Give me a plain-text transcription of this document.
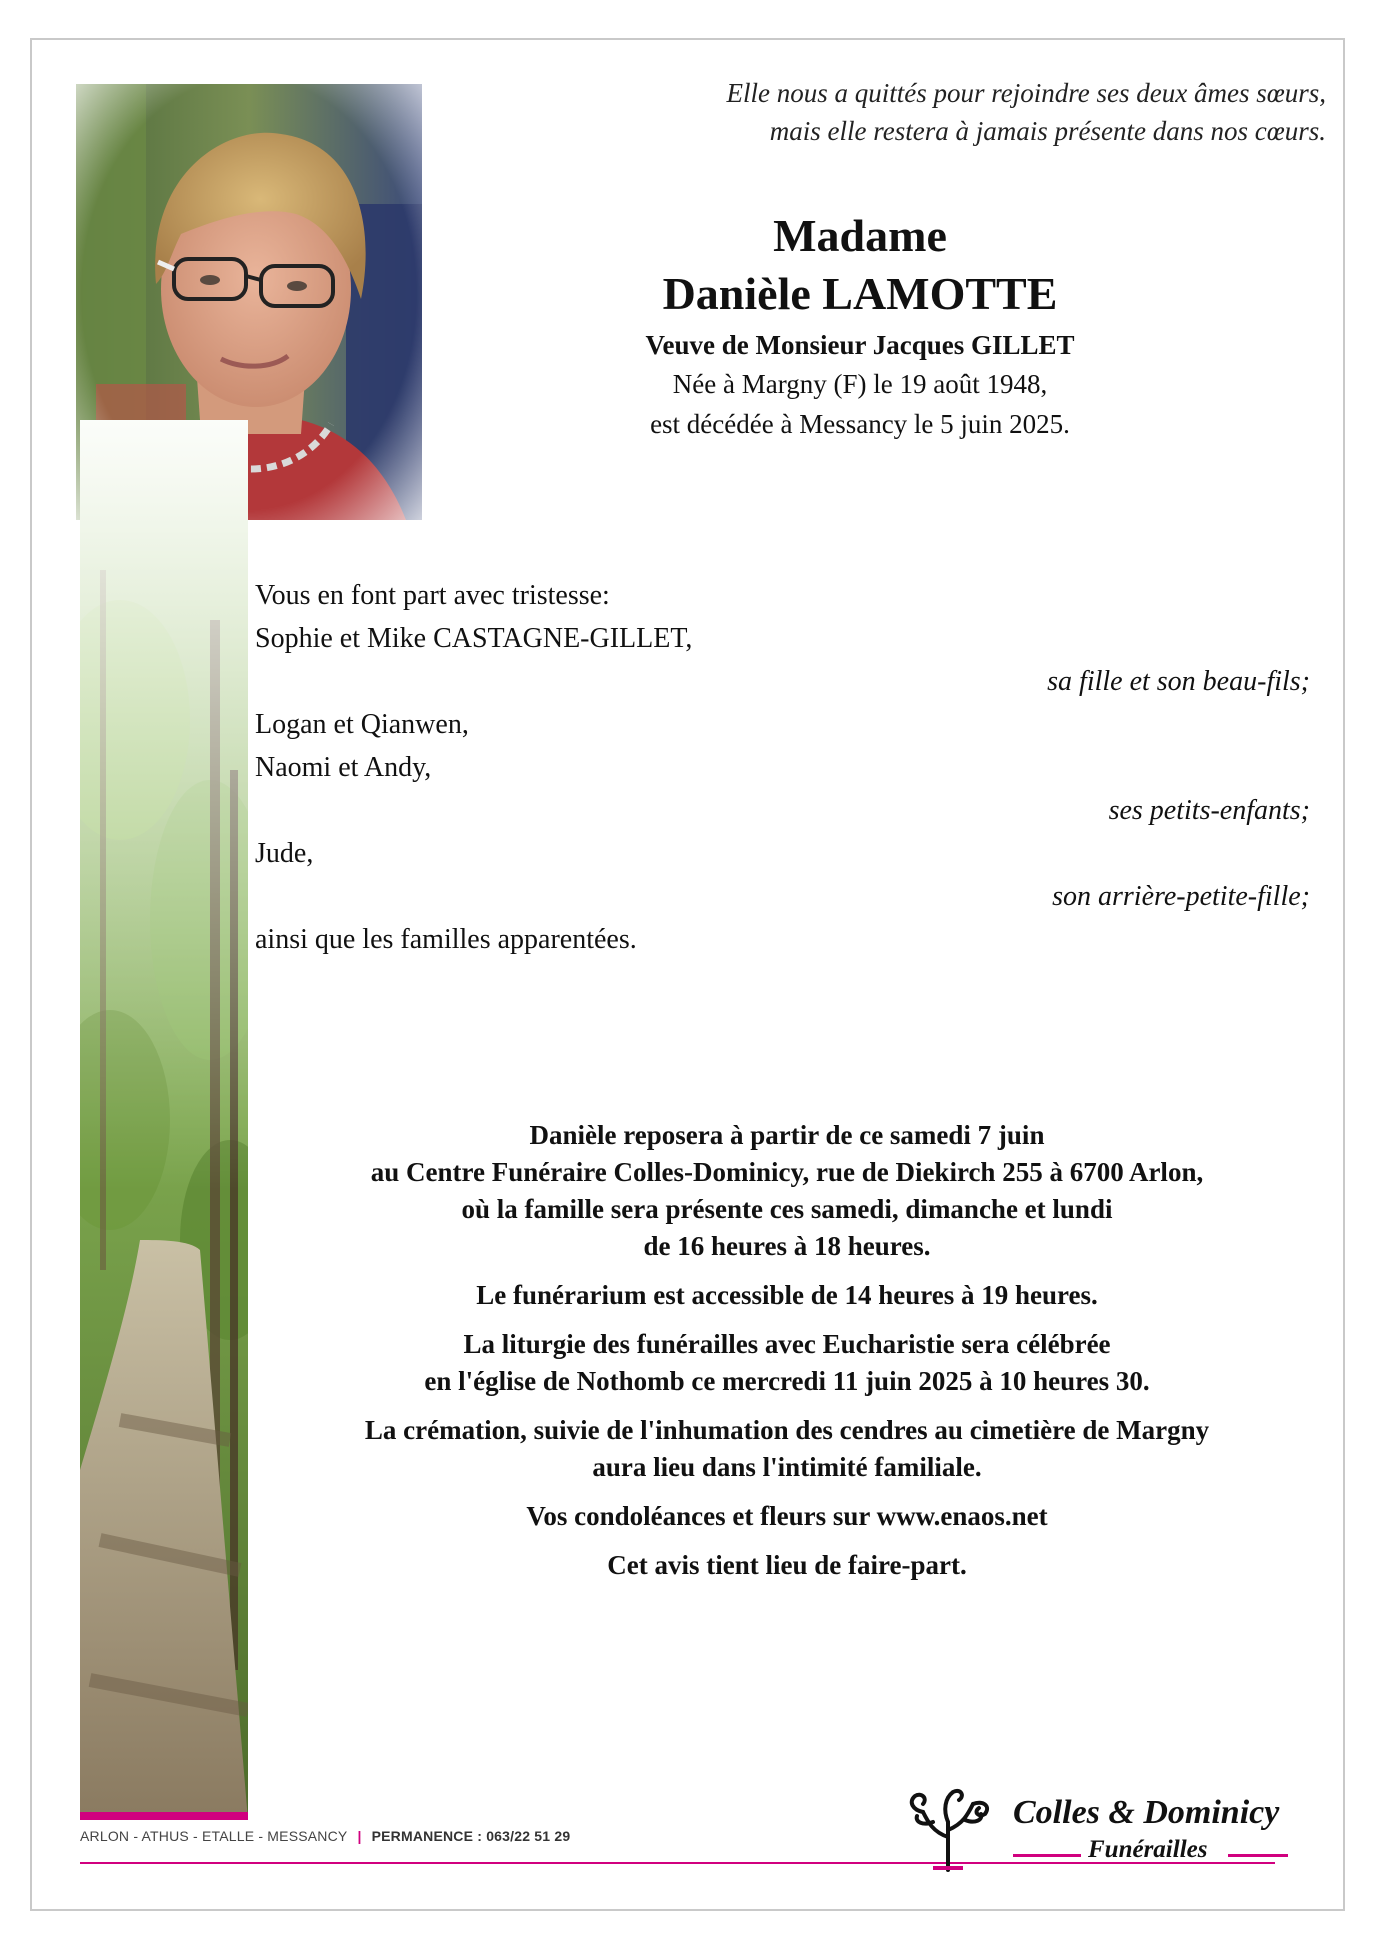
Elle nous a quittés pour rejoindre ses deux âmes sœurs,
mais elle restera à jamais présente dans nos cœurs.
Madame
Danièle LAMOTTE
Veuve de Monsieur Jacques GILLET
Née à Margny (F) le 19 août 1948,
est décédée à Messancy le 5 juin 2025.
Vous en font part avec tristesse:
Sophie et Mike CASTAGNE-GILLET,
sa fille et son beau-fils;
Logan et Qianwen,
Naomi et Andy,
ses petits-enfants;
Jude,
son arrière-petite-fille;
ainsi que les familles apparentées.
Danièle reposera à partir de ce samedi 7 juin
au Centre Funéraire Colles-Dominicy, rue de Diekirch 255 à 6700 Arlon,
où la famille sera présente ces samedi, dimanche et lundi
de 16 heures à 18 heures.
Le funérarium est accessible de 14 heures à 19 heures.
La liturgie des funérailles avec Eucharistie sera célébrée
en l'église de Nothomb ce mercredi 11 juin 2025 à 10 heures 30.
La crémation, suivie de l'inhumation des cendres au cimetière de Margny
aura lieu dans l'intimité familiale.
Vos condoléances et fleurs sur www.enaos.net
Cet avis tient lieu de faire-part.
ARLON - ATHUS - ETALLE - MESSANCY | PERMANENCE : 063/22 51 29
Colles & Dominicy
Funérailles
